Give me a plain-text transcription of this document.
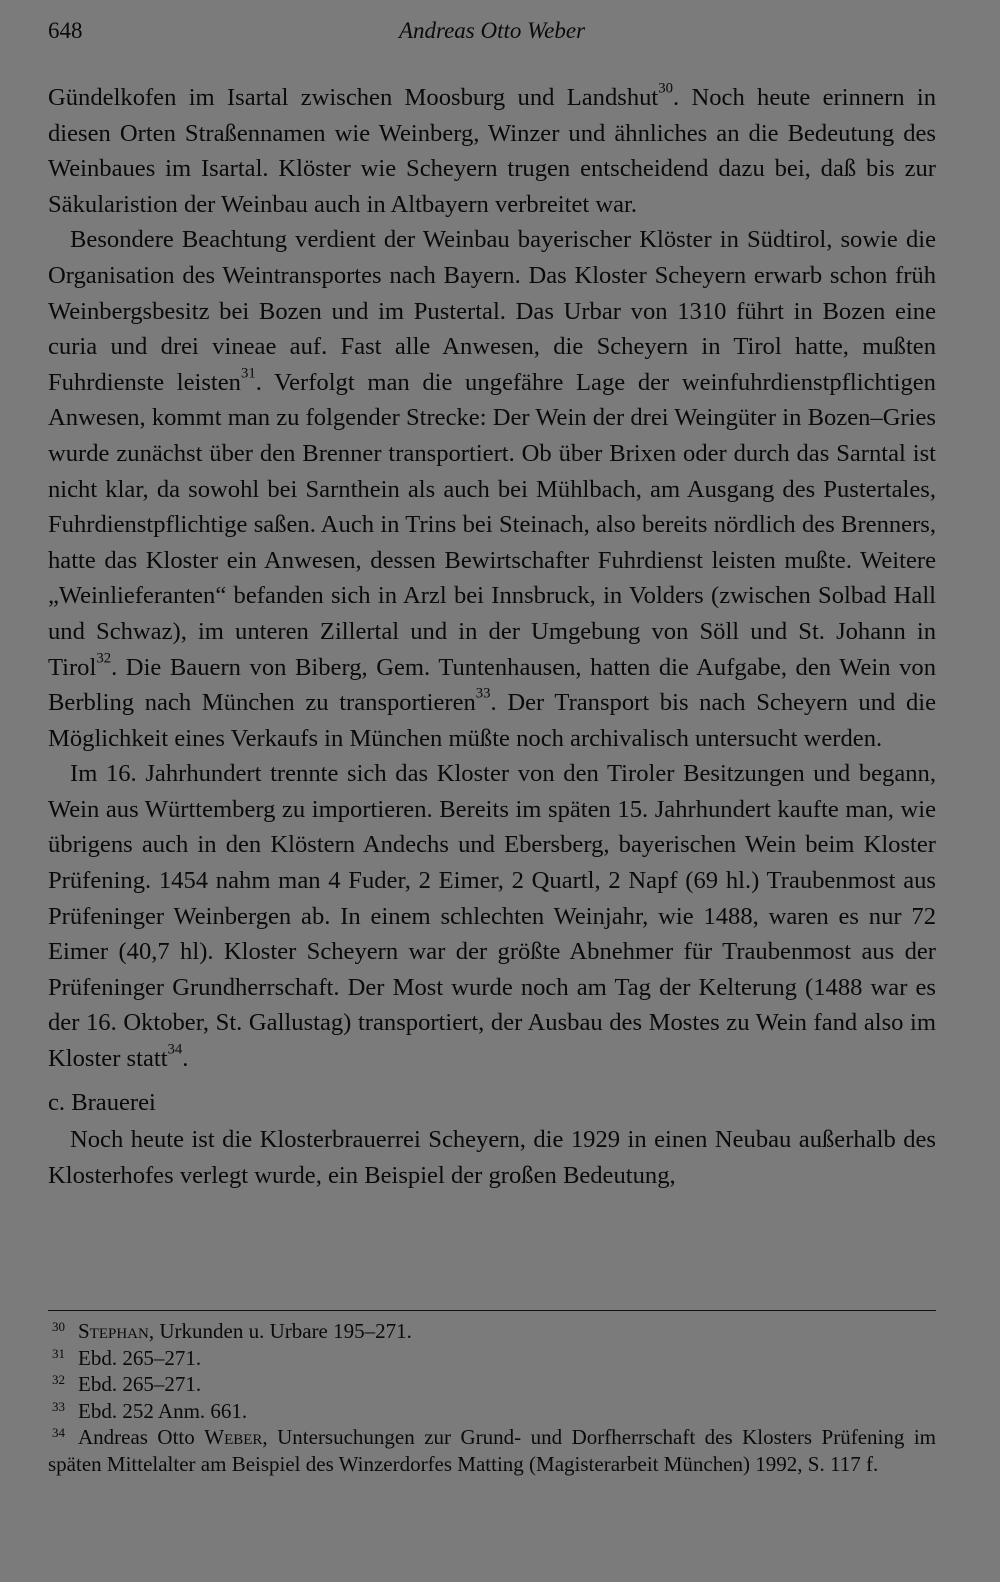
648	Andreas Otto Weber

Gündelkofen im Isartal zwischen Moosburg und Landshut$^{30}$. Noch heute erinnern in diesen Orten Straßennamen wie Weinberg, Winzer und ähnliches an die Bedeutung des Weinbaues im Isartal. Klöster wie Scheyern trugen entscheidend dazu bei, daß bis zur Säkularistion der Weinbau auch in Altbayern verbreitet war.

Besondere Beachtung verdient der Weinbau bayerischer Klöster in Südtirol, sowie die Organisation des Weintransportes nach Bayern. Das Kloster Scheyern erwarb schon früh Weinbergsbesitz bei Bozen und im Pustertal. Das Urbar von 1310 führt in Bozen eine curia und drei vineae auf. Fast alle Anwesen, die Scheyern in Tirol hatte, mußten Fuhrdienste leisten$^{31}$. Verfolgt man die ungefähre Lage der weinfuhrdienstpflichtigen Anwesen, kommt man zu folgender Strecke: Der Wein der drei Weingüter in Bozen–Gries wurde zunächst über den Brenner transportiert. Ob über Brixen oder durch das Sarntal ist nicht klar, da sowohl bei Sarnthein als auch bei Mühlbach, am Ausgang des Pustertales, Fuhrdienstpflichtige saßen. Auch in Trins bei Steinach, also bereits nördlich des Brenners, hatte das Kloster ein Anwesen, dessen Bewirtschafter Fuhrdienst leisten mußte. Weitere „Weinlieferanten“ befanden sich in Arzl bei Innsbruck, in Volders (zwischen Solbad Hall und Schwaz), im unteren Zillertal und in der Umgebung von Söll und St. Johann in Tirol$^{32}$. Die Bauern von Biberg, Gem. Tuntenhausen, hatten die Aufgabe, den Wein von Berbling nach München zu transportieren$^{33}$. Der Transport bis nach Scheyern und die Möglichkeit eines Verkaufs in München müßte noch archivalisch untersucht werden.

Im 16. Jahrhundert trennte sich das Kloster von den Tiroler Besitzungen und begann, Wein aus Württemberg zu importieren. Bereits im späten 15. Jahrhundert kaufte man, wie übrigens auch in den Klöstern Andechs und Ebersberg, bayerischen Wein beim Kloster Prüfening. 1454 nahm man 4 Fuder, 2 Eimer, 2 Quartl, 2 Napf (69 hl.) Traubenmost aus Prüfeninger Weinbergen ab. In einem schlechten Weinjahr, wie 1488, waren es nur 72 Eimer (40,7 hl). Kloster Scheyern war der größte Abnehmer für Traubenmost aus der Prüfeninger Grundherrschaft. Der Most wurde noch am Tag der Kelterung (1488 war es der 16. Oktober, St. Gallustag) transportiert, der Ausbau des Mostes zu Wein fand also im Kloster statt$^{34}$.

c. Brauerei

Noch heute ist die Klosterbrauerrei Scheyern, die 1929 in einen Neubau außerhalb des Klosterhofes verlegt wurde, ein Beispiel der großen Bedeutung,

30 Stephan, Urkunden u. Urbare 195–271.

31 Ebd. 265–271.

32 Ebd. 265–271.

33 Ebd. 252 Anm. 661.

34 Andreas Otto Weber, Untersuchungen zur Grund- und Dorfherrschaft des Klosters Prüfening im späten Mittelalter am Beispiel des Winzerdorfes Matting (Magisterarbeit München) 1992, S. 117 f.
